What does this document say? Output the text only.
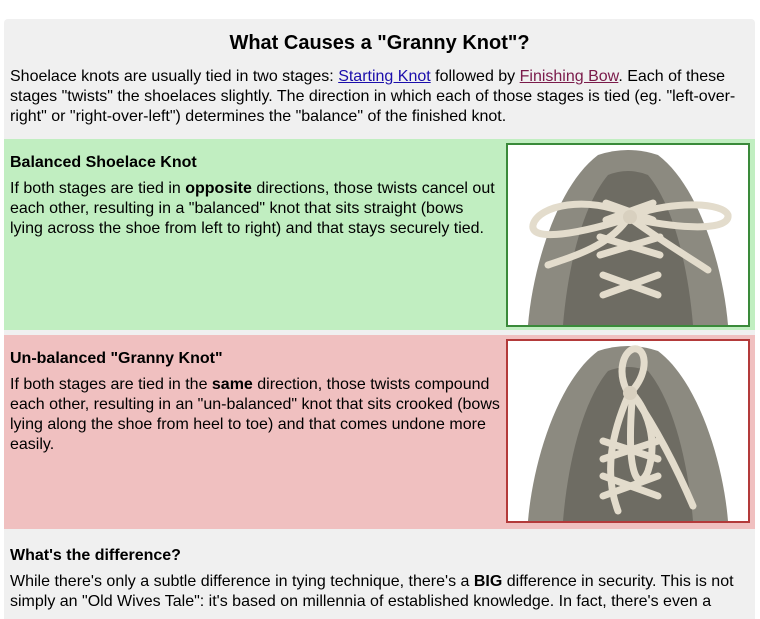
What Causes a "Granny Knot"?

Shoelace knots are usually tied in two stages: Starting Knot followed by Finishing Bow. Each of these stages "twists" the shoelaces slightly. The direction in which each of those stages is tied (eg. "left-over-right" or "right-over-left") determines the "balance" of the finished knot.

Balanced Shoelace Knot

If both stages are tied in opposite directions, those twists cancel out each other, resulting in a "balanced" knot that sits straight (bows lying across the shoe from left to right) and that stays securely tied.

Un-balanced "Granny Knot"

If both stages are tied in the same direction, those twists compound each other, resulting in an "un-balanced" knot that sits crooked (bows lying along the shoe from heel to toe) and that comes undone more easily.

What's the difference?

While there's only a subtle difference in tying technique, there's a BIG difference in security. This is not simply an "Old Wives Tale": it's based on millennia of established knowledge. In fact, there's even a
